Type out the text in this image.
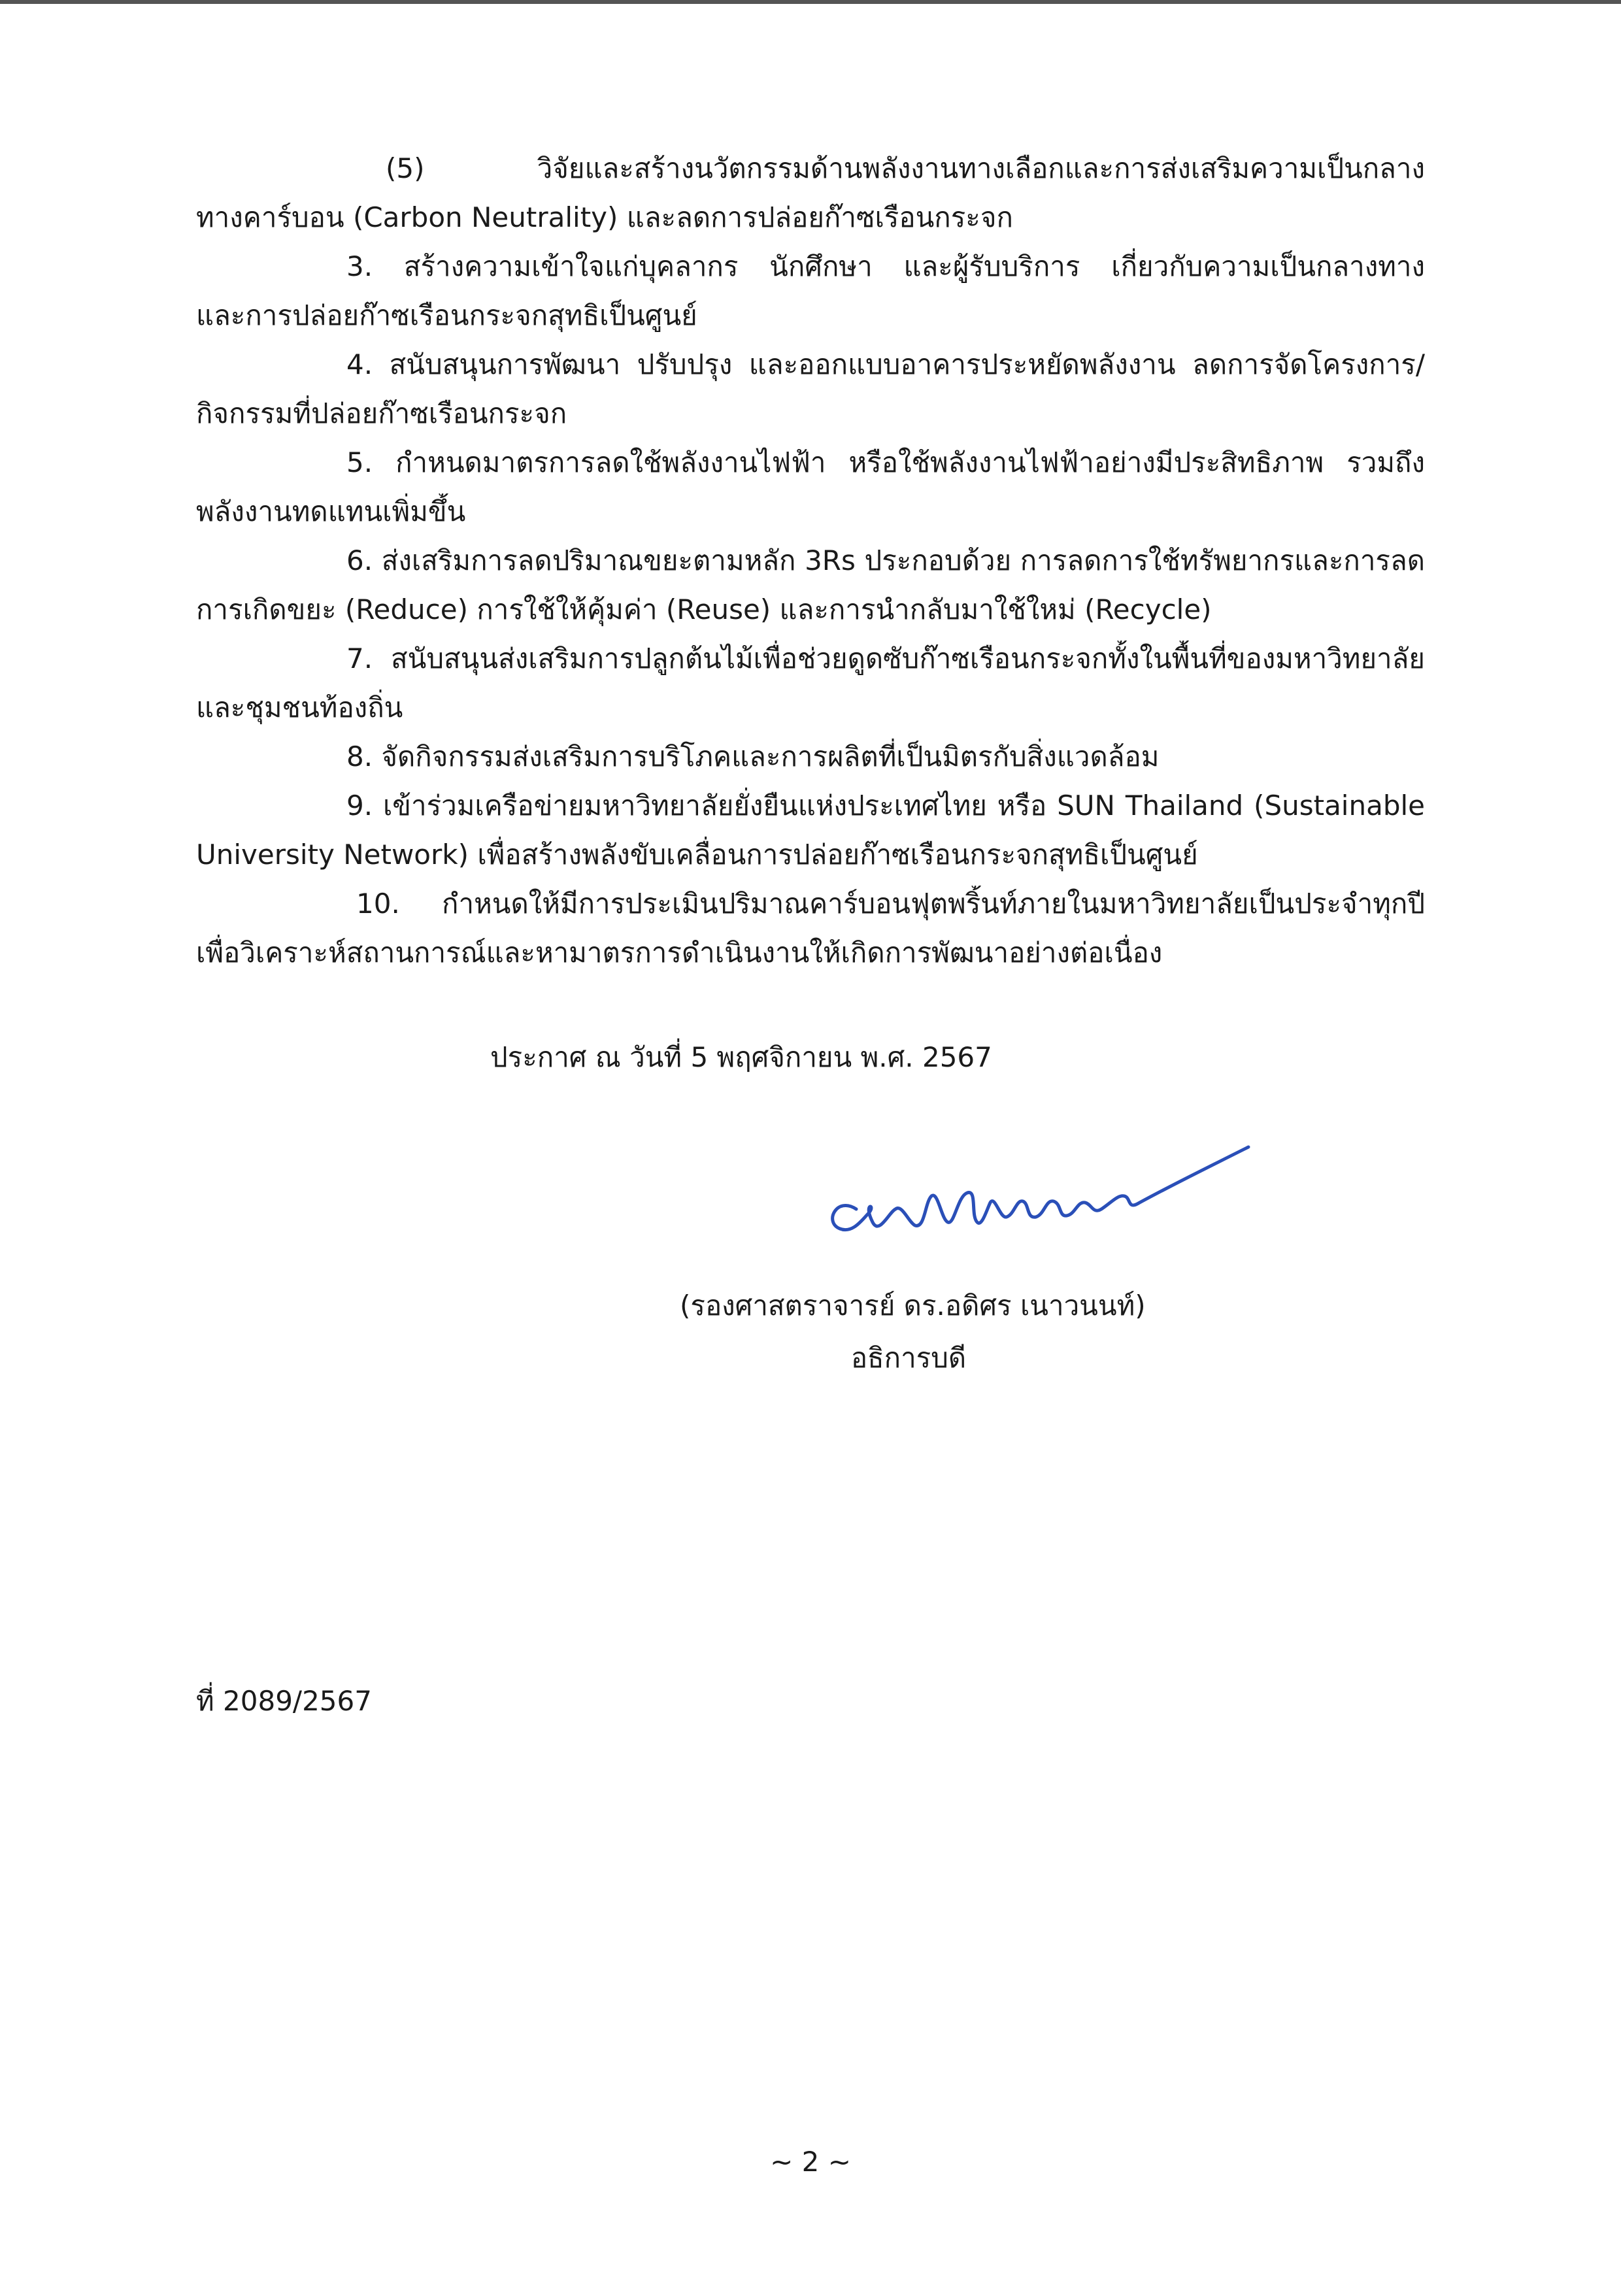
(5) วิจัยและสร้างนวัตกรรมด้านพลังงานทางเลือกและการส่งเสริมความเป็นกลาง
ทางคาร์บอน (Carbon Neutrality) และลดการปล่อยก๊าซเรือนกระจก
3. สร้างความเข้าใจแก่บุคลากร นักศึกษา และผู้รับบริการ เกี่ยวกับความเป็นกลางทาง
และการปล่อยก๊าซเรือนกระจกสุทธิเป็นศูนย์
4. สนับสนุนการพัฒนา ปรับปรุง และออกแบบอาคารประหยัดพลังงาน ลดการจัดโครงการ/
กิจกรรมที่ปล่อยก๊าซเรือนกระจก
5. กำหนดมาตรการลดใช้พลังงานไฟฟ้า หรือใช้พลังงานไฟฟ้าอย่างมีประสิทธิภาพ รวมถึง
พลังงานทดแทนเพิ่มขึ้น
6. ส่งเสริมการลดปริมาณขยะตามหลัก 3Rs ประกอบด้วย การลดการใช้ทรัพยากรและการลด
การเกิดขยะ (Reduce) การใช้ให้คุ้มค่า (Reuse) และการนำกลับมาใช้ใหม่ (Recycle)
7. สนับสนุนส่งเสริมการปลูกต้นไม้เพื่อช่วยดูดซับก๊าซเรือนกระจกทั้งในพื้นที่ของมหาวิทยาลัย
และชุมชนท้องถิ่น
8. จัดกิจกรรมส่งเสริมการบริโภคและการผลิตที่เป็นมิตรกับสิ่งแวดล้อม
9. เข้าร่วมเครือข่ายมหาวิทยาลัยยั่งยืนแห่งประเทศไทย หรือ SUN Thailand (Sustainable
University Network) เพื่อสร้างพลังขับเคลื่อนการปล่อยก๊าซเรือนกระจกสุทธิเป็นศูนย์
10. กำหนดให้มีการประเมินปริมาณคาร์บอนฟุตพริ้นท์ภายในมหาวิทยาลัยเป็นประจำทุกปี
เพื่อวิเคราะห์สถานการณ์และหามาตรการดำเนินงานให้เกิดการพัฒนาอย่างต่อเนื่อง
ประกาศ ณ วันที่ 5 พฤศจิกายน พ.ศ. 2567
(รองศาสตราจารย์ ดร.อดิศร เนาวนนท์)
อธิการบดี
ที่ 2089/2567
~ 2 ~
